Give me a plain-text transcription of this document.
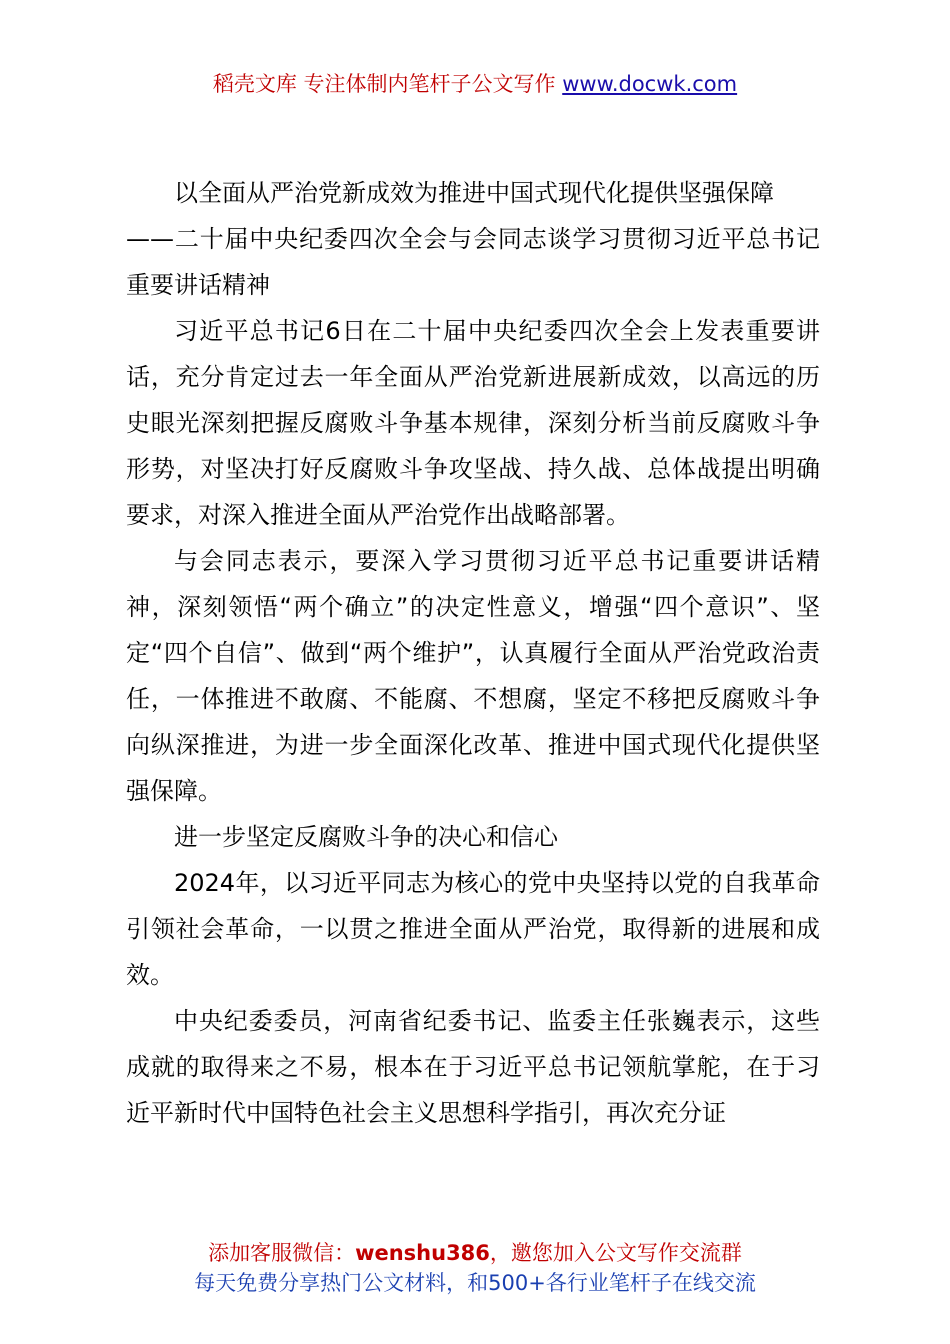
稻壳文库 专注体制内笔杆子公文写作 www.docwk.com

以全面从严治党新成效为推进中国式现代化提供坚强保障
——二十届中央纪委四次全会与会同志谈学习贯彻习近平总书记重要讲话精神

习近平总书记6日在二十届中央纪委四次全会上发表重要讲话，充分肯定过去一年全面从严治党新进展新成效，以高远的历史眼光深刻把握反腐败斗争基本规律，深刻分析当前反腐败斗争形势，对坚决打好反腐败斗争攻坚战、持久战、总体战提出明确要求，对深入推进全面从严治党作出战略部署。

与会同志表示，要深入学习贯彻习近平总书记重要讲话精神，深刻领悟“两个确立”的决定性意义，增强“四个意识”、坚定“四个自信”、做到“两个维护”，认真履行全面从严治党政治责任，一体推进不敢腐、不能腐、不想腐，坚定不移把反腐败斗争向纵深推进，为进一步全面深化改革、推进中国式现代化提供坚强保障。

进一步坚定反腐败斗争的决心和信心

2024年，以习近平同志为核心的党中央坚持以党的自我革命引领社会革命，一以贯之推进全面从严治党，取得新的进展和成效。

中央纪委委员，河南省纪委书记、监委主任张巍表示，这些成就的取得来之不易，根本在于习近平总书记领航掌舵，在于习近平新时代中国特色社会主义思想科学指引，再次充分证

添加客服微信：wenshu386，邀您加入公文写作交流群
每天免费分享热门公文材料，和500+各行业笔杆子在线交流
